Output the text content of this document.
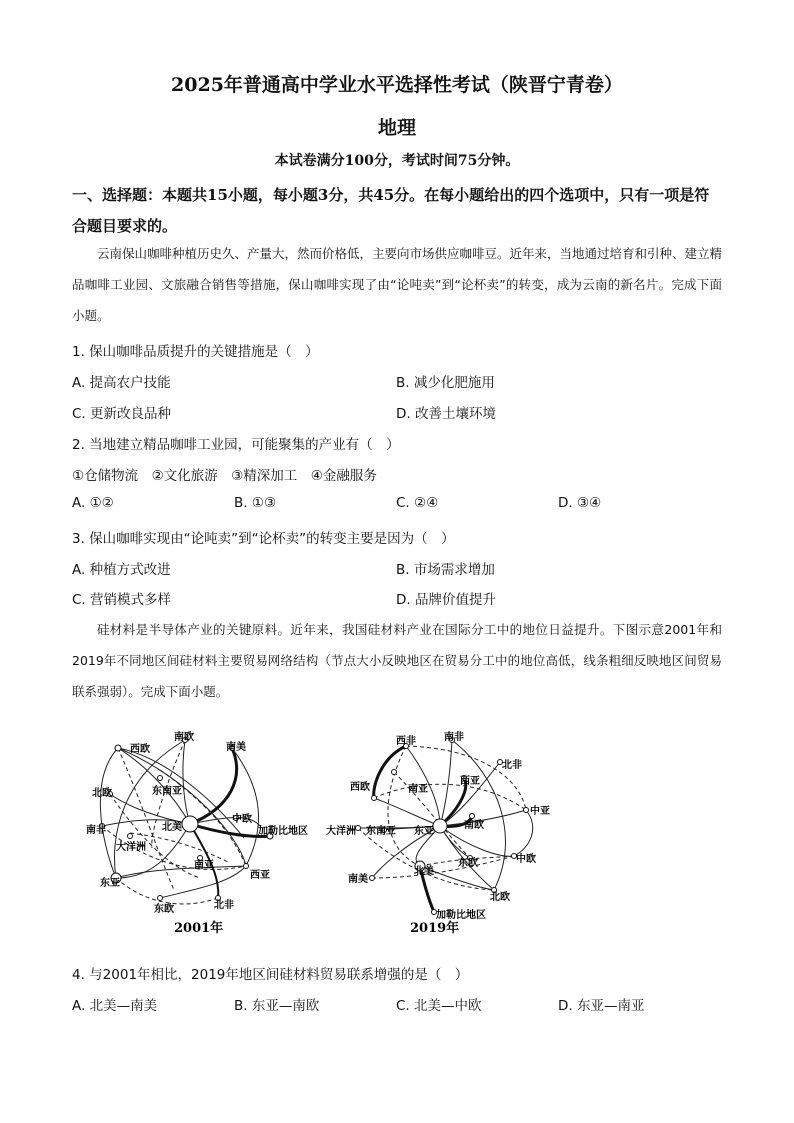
2025年普通高中学业水平选择性考试（陕晋宁青卷）
地理
本试卷满分100分，考试时间75分钟。
一、选择题：本题共15小题，每小题3分，共45分。在每小题给出的四个选项中，只有一项是符合题目要求的。
云南保山咖啡种植历史久、产量大，然而价格低，主要向市场供应咖啡豆。近年来，当地通过培育和引种、建立精品咖啡工业园、文旅融合销售等措施，保山咖啡实现了由“论吨卖”到“论杯卖”的转变，成为云南的新名片。完成下面小题。
1. 保山咖啡品质提升的关键措施是（　）
A. 提高农户技能	B. 减少化肥施用
C. 更新改良品种	D. 改善土壤环境
2. 当地建立精品咖啡工业园，可能聚集的产业有（　）
①仓储物流　②文化旅游　③精深加工　④金融服务
A. ①②	B. ①③	C. ②④	D. ③④
3. 保山咖啡实现由“论吨卖”到“论杯卖”的转变主要是因为（　）
A. 种植方式改进	B. 市场需求增加
C. 营销模式多样	D. 品牌价值提升
硅材料是半导体产业的关键原料。近年来，我国硅材料产业在国际分工中的地位日益提升。下图示意2001年和2019年不同地区间硅材料主要贸易网络结构（节点大小反映地区在贸易分工中的地位高低，线条粗细反映地区间贸易联系强弱）。完成下面小题。
南欧
南美
西欧
北欧	东南亚
中欧
南非	北美	加勒比地区
大洋洲
南亚
西亚
东亚
北非
东欧
2001年
西非	南非
北非
南亚
西亚
西欧
中亚
大洋洲 东南亚 东亚
南欧
东欧	中欧
南美
北美
北欧
加勒比地区
2019年
4. 与2001年相比，2019年地区间硅材料贸易联系增强的是（　）
A. 北美—南美	B. 东亚—南欧	C. 北美—中欧	D. 东亚—南亚
